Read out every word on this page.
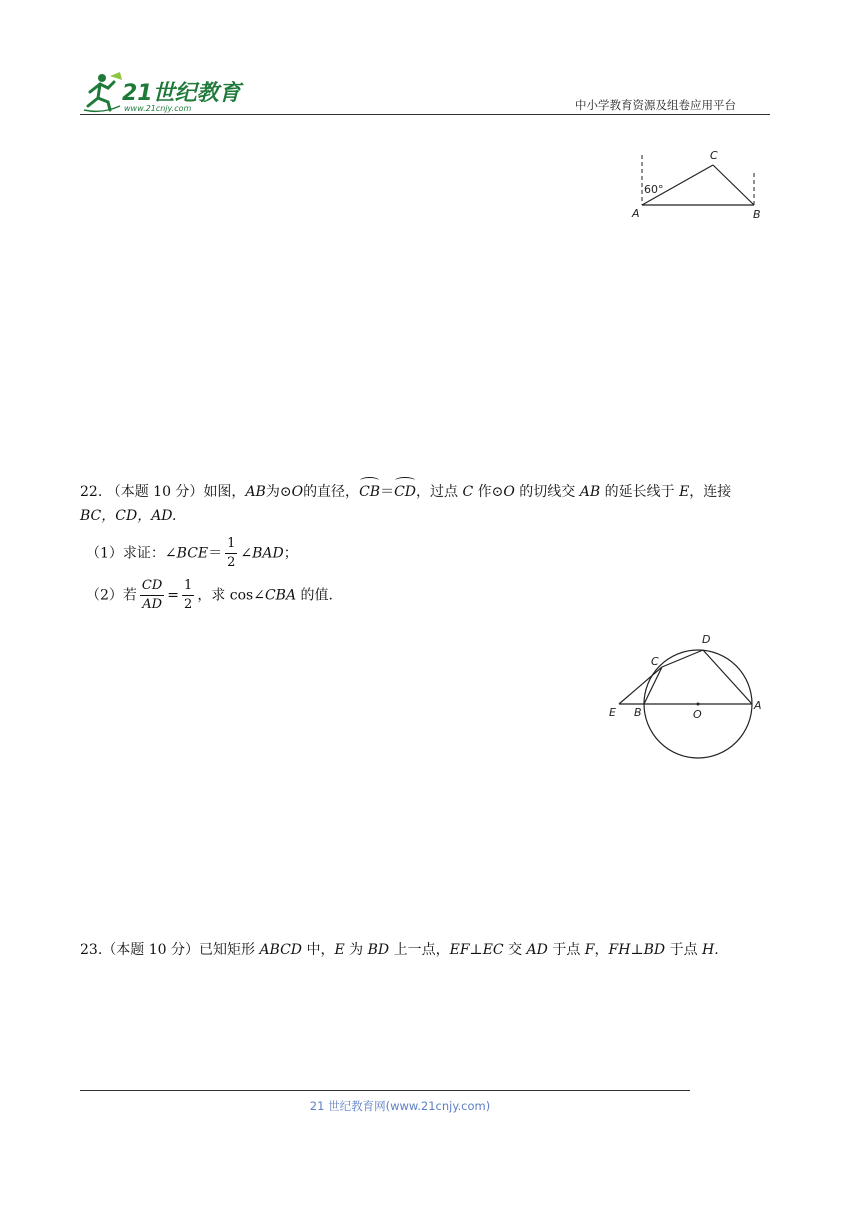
21世纪教育
www.21cnjy.com	中小学教育资源及组卷应用平台
60°
A	B
C
22. （本题 10 分）如图，AB为⊙O的直径，CB＝CD，过点 C 作⊙O 的切线交 AB 的延长线于 E，连接
BC，CD，AD.
（1）求证：∠BCE＝ $\frac{1}{2}$ ∠BAD；
（2）若 $\frac{CD}{AD} = \frac{1}{2}$ ，求 cos∠CBA 的值.
E B	O
A
C
D
23.（本题 10 分）已知矩形 ABCD 中，E 为 BD 上一点，EF⊥EC 交 AD 于点 F，FH⊥BD 于点 H.
21 世纪教育网(www.21cnjy.com)
